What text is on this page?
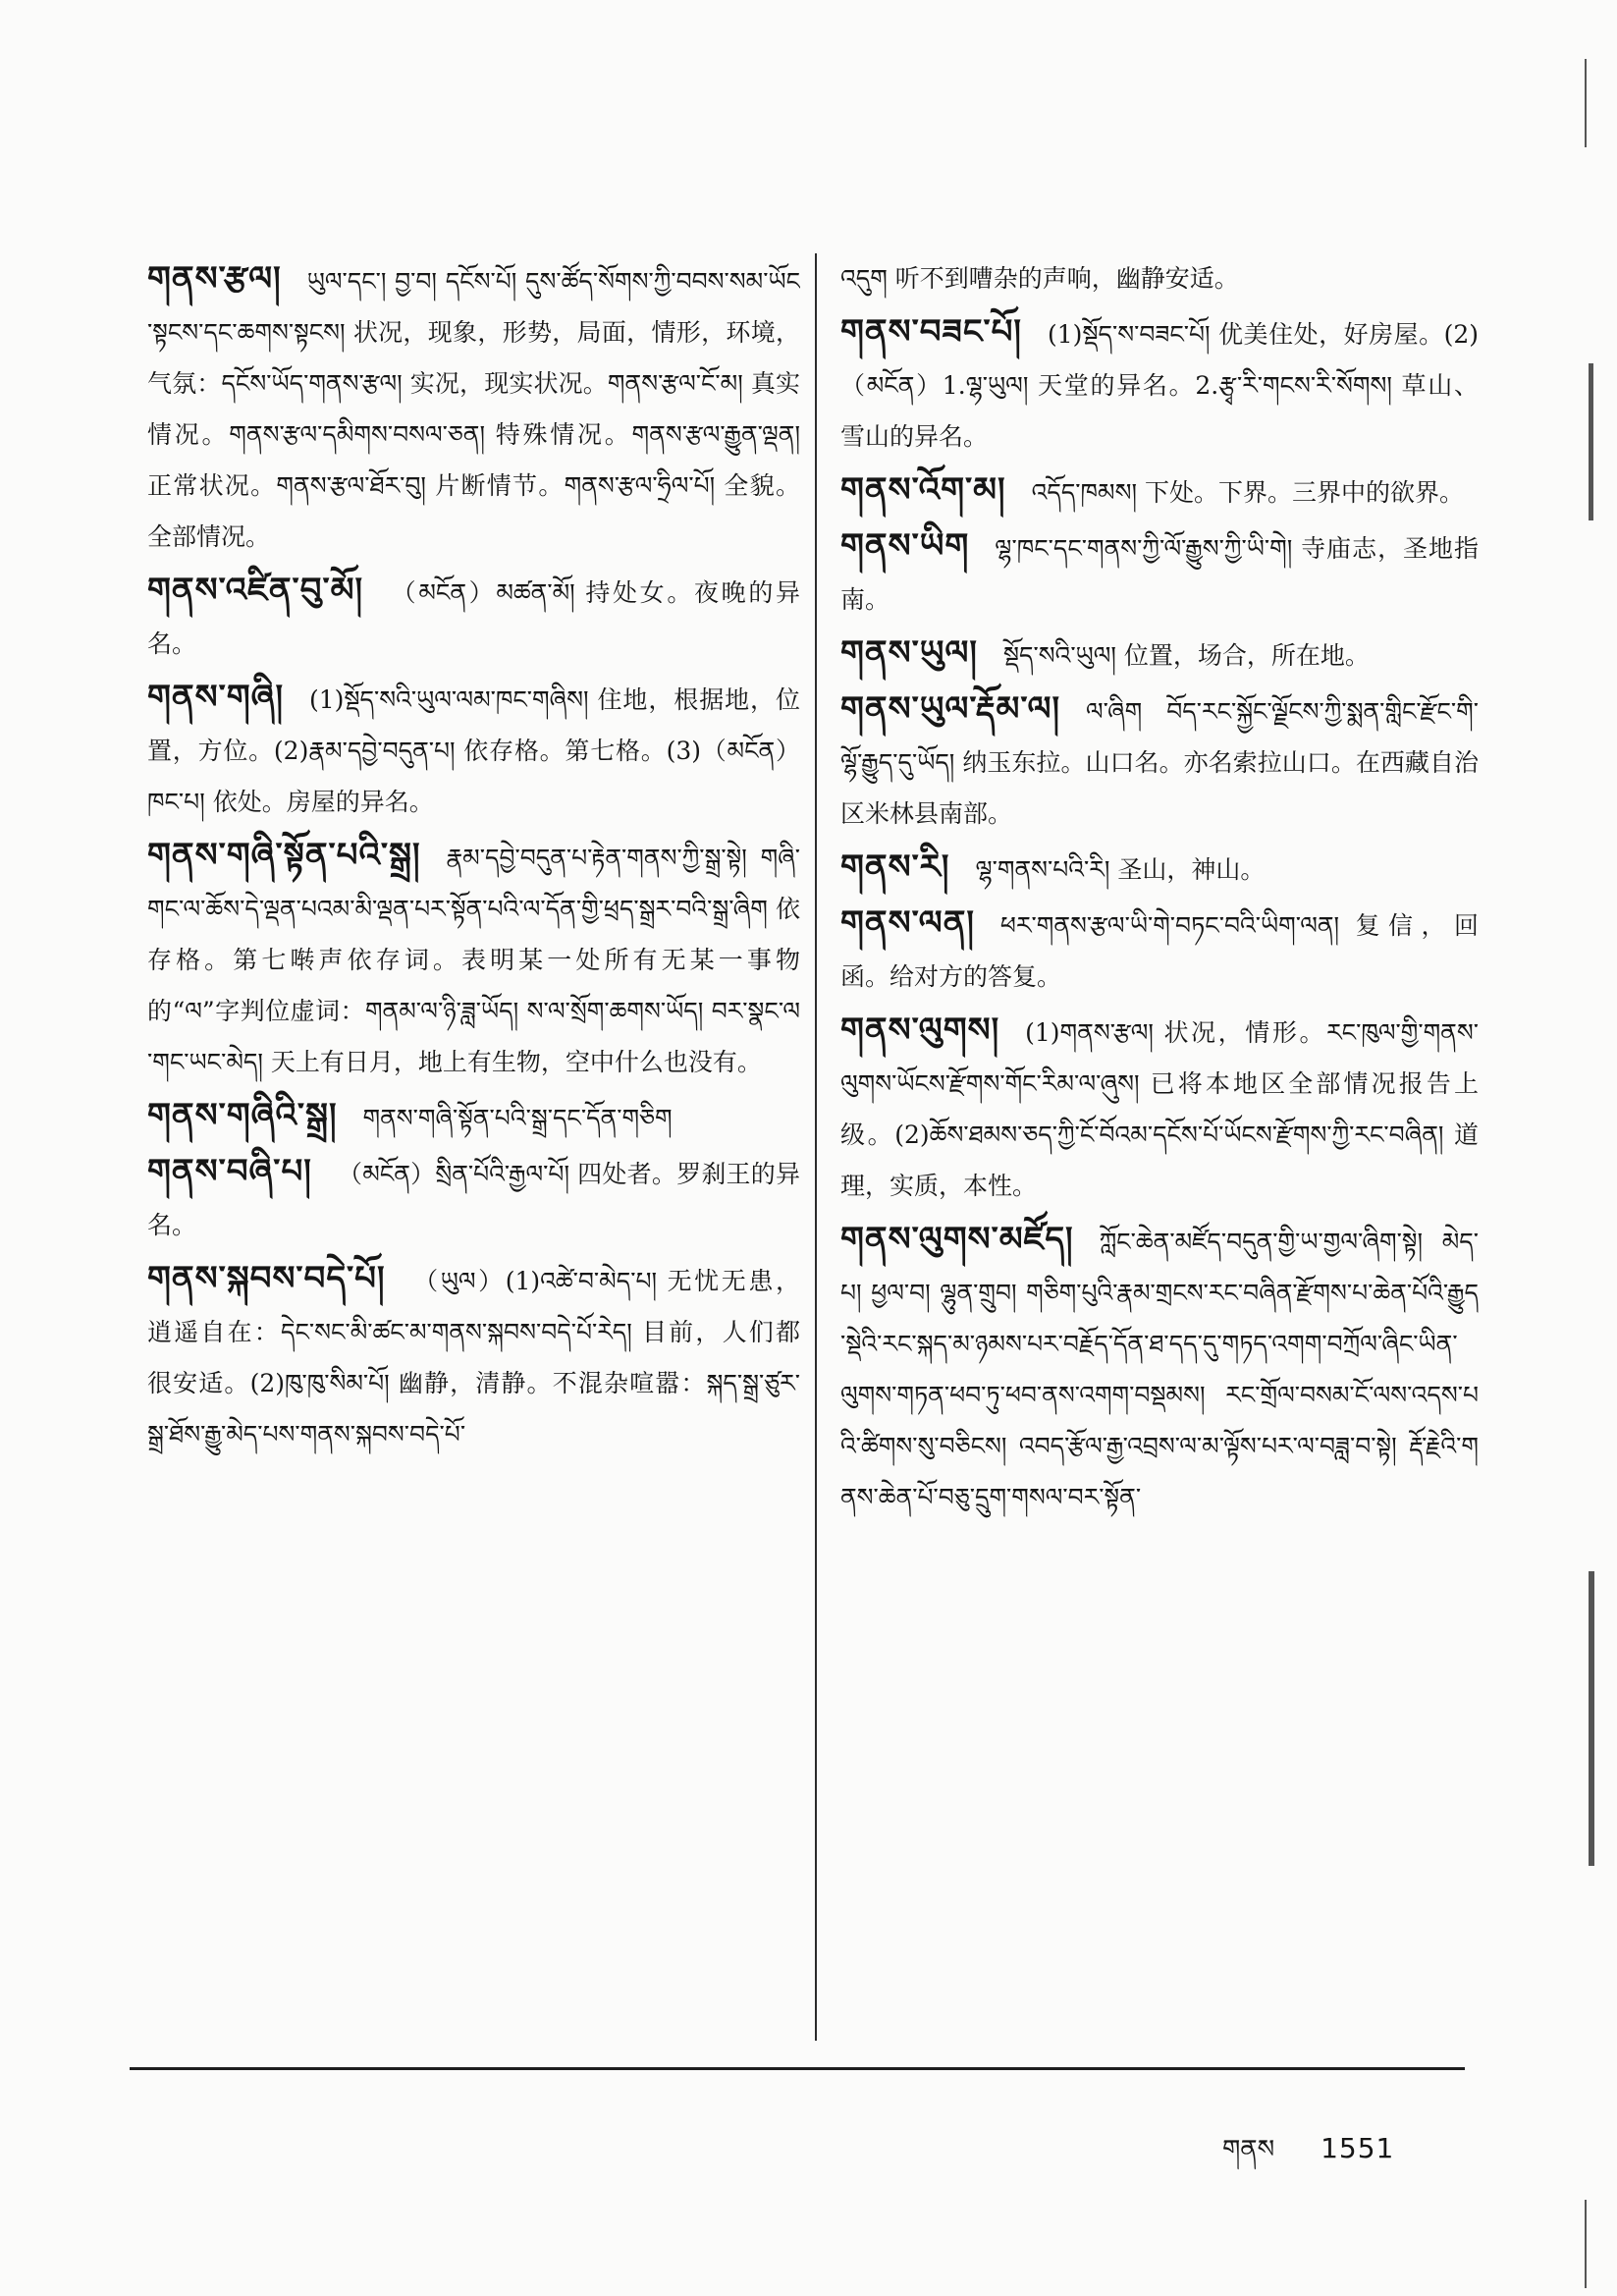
གནས་རྩལ། ཡུལ་དང་། བྱ་བ། དངོས་པོ། དུས་ཚོད་སོགས་ཀྱི་བབས་སམ་ཡོང་སྟངས་དང་ཆགས་སྟངས། 状况，现象，形势，局面，情形，环境，气氛：དངོས་ཡོད་གནས་རྩལ། 实况，现实状况。གནས་རྩལ་ངོ་མ། 真实情况。གནས་རྩལ་དམིགས་བསལ་ཅན། 特殊情况。གནས་རྩལ་རྒྱུན་ལྡན། 正常状况。གནས་རྩལ་ཐོར་བུ། 片断情节。གནས་རྩལ་ཧྲིལ་པོ། 全貌。全部情况。
གནས་འཛིན་བུ་མོ། （མངོན）མཚན་མོ། 持处女。夜晚的异名。
གནས་གཞི། (1)སྡོད་སའི་ཡུལ་ལམ་ཁང་གཞིས། 住地，根据地，位置，方位。(2)རྣམ་དབྱེ་བདུན་པ། 依存格。第七格。(3)（མངོན）ཁང་པ། 依处。房屋的异名。
གནས་གཞི་སྟོན་པའི་སྒྲ། རྣམ་དབྱེ་བདུན་པ་རྟེན་གནས་ཀྱི་སྒྲ་སྟེ། གཞི་གང་ལ་ཆོས་དེ་ལྡན་པའམ་མི་ལྡན་པར་སྟོན་པའི་ལ་དོན་གྱི་ཕྲད་སྒྲར་བའི་སྒྲ་ཞིག 依存格。第七啭声依存词。表明某一处所有无某一事物的“ལ”字判位虚词：གནམ་ལ་ཉི་ཟླ་ཡོད། ས་ལ་སྲོག་ཆགས་ཡོད། བར་སྣང་ལ་གང་ཡང་མེད། 天上有日月，地上有生物，空中什么也没有。
གནས་གཞིའི་སྒྲ། གནས་གཞི་སྟོན་པའི་སྒྲ་དང་དོན་གཅིག
གནས་བཞི་པ། （མངོན）སྲིན་པོའི་རྒྱལ་པོ། 四处者。罗刹王的异名。
གནས་སྐབས་བདེ་པོ། （ཡུལ）(1)འཚེ་བ་མེད་པ། 无忧无患，逍遥自在：དེང་སང་མི་ཚང་མ་གནས་སྐབས་བདེ་པོ་རེད། 目前，人们都很安适。(2)ཁུ་ཁུ་སིམ་པོ། 幽静，清静。不混杂喧嚣：སྐད་སྒྲ་ཙུར་སྒྲ་ཐོས་རྒྱུ་མེད་པས་གནས་སྐབས་བདེ་པོ་
འདུག 听不到嘈杂的声响，幽静安适。
གནས་བཟང་པོ། (1)སྡོད་ས་བཟང་པོ། 优美住处，好房屋。(2)（མངོན）1.ལྷ་ཡུལ། 天堂的异名。2.རྩྭ་རི་གངས་རི་སོགས། 草山、雪山的异名。
གནས་འོག་མ། འདོད་ཁམས། 下处。下界。三界中的欲界。
གནས་ཡིག ལྷ་ཁང་དང་གནས་ཀྱི་ལོ་རྒྱུས་ཀྱི་ཡི་གེ། 寺庙志，圣地指南。
གནས་ཡུལ། སྡོད་སའི་ཡུལ། 位置，场合，所在地。
གནས་ཡུལ་རྡོམ་ལ། ལ་ཞིག བོད་རང་སྐྱོང་ལྗོངས་ཀྱི་སྨན་གླིང་རྫོང་གི་ལྷོ་རྒྱུད་དུ་ཡོད། 纳玉东拉。山口名。亦名索拉山口。在西藏自治区米林县南部。
གནས་རི། ལྷ་གནས་པའི་རི། 圣山，神山。
གནས་ལན། ཕར་གནས་རྩལ་ཡི་གེ་བཏང་བའི་ཡིག་ལན། 复信，回函。给对方的答复。
གནས་ལུགས། (1)གནས་རྩལ། 状况，情形。རང་ཁུལ་གྱི་གནས་ལུགས་ཡོངས་རྫོགས་གོང་རིམ་ལ་ཞུས། 已将本地区全部情况报告上级。(2)ཆོས་ཐམས་ཅད་ཀྱི་ངོ་བོའམ་དངོས་པོ་ཡོངས་རྫོགས་ཀྱི་རང་བཞིན། 道理，实质，本性。
གནས་ལུགས་མཛོད། ཀློང་ཆེན་མཛོད་བདུན་གྱི་ཡ་གྱལ་ཞིག་སྟེ། མེད་པ། ཕྱལ་བ། ལྷུན་གྲུབ། གཅིག་པུའི་རྣམ་གྲངས་རང་བཞིན་རྫོགས་པ་ཆེན་པོའི་རྒྱུད་སྡེའི་རང་སྐད་མ་ཉམས་པར་བརྗོད་དོན་ཐ་དད་དུ་གཏད་འགག་བཀྲོལ་ཞིང་ཡིན་ལུགས་གཏན་ཕབ་ཏུ་ཕབ་ནས་འགག་བསྡམས། རང་གྲོལ་བསམ་ངོ་ལས་འདས་པའི་ཚིགས་སུ་བཅིངས། འབད་རྩོལ་རྒྱ་འབྲས་ལ་མ་ལྟོས་པར་ལ་བཟླ་བ་སྟེ། རྡོ་རྗེའི་གནས་ཆེན་པོ་བཅུ་དྲུག་གསལ་བར་སྟོན་
གནས 1551
